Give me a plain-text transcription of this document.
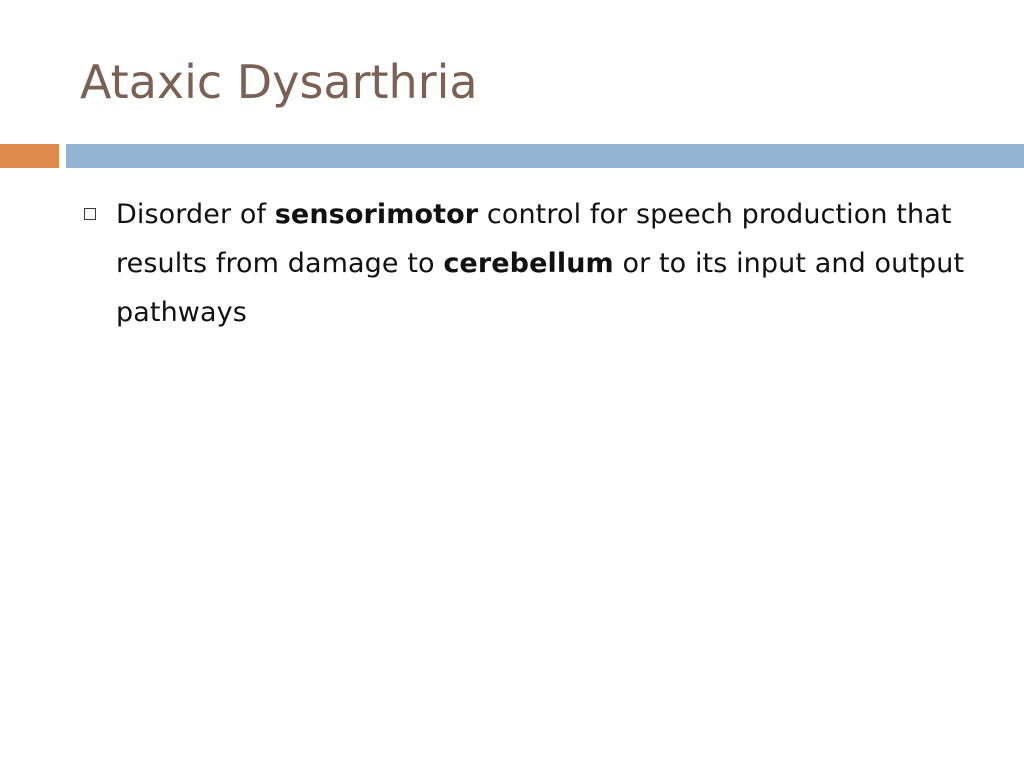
Ataxic Dysarthria
Disorder of sensorimotor control for speech production that results from damage to cerebellum or to its input and output pathways
